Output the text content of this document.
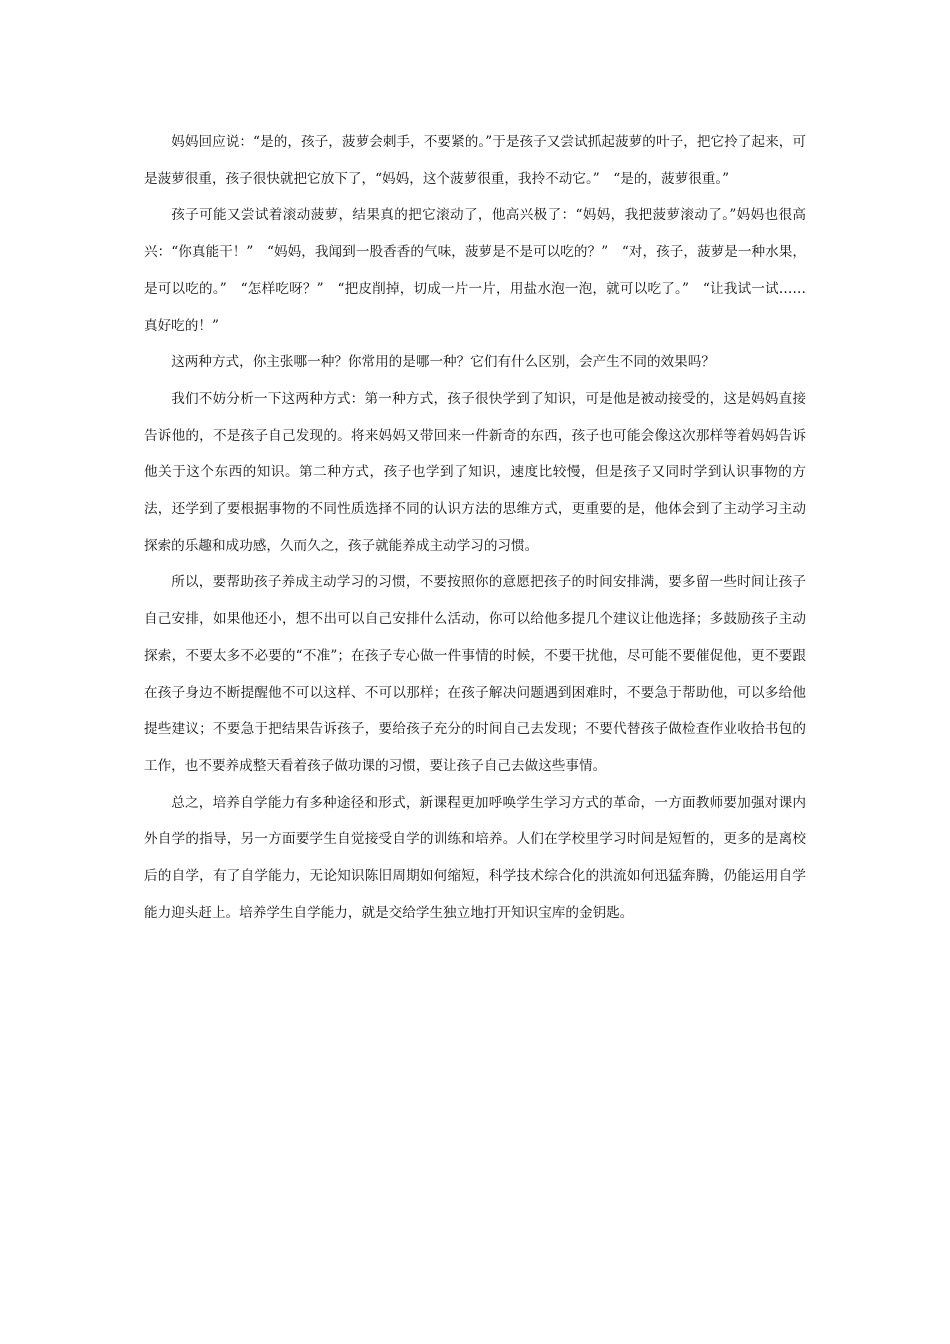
妈妈回应说：“是的，孩子，菠萝会刺手，不要紧的。”于是孩子又尝试抓起菠萝的叶子，把它拎了起来，可是菠萝很重，孩子很快就把它放下了，“妈妈，这个菠萝很重，我拎不动它。”　“是的，菠萝很重。”

孩子可能又尝试着滚动菠萝，结果真的把它滚动了，他高兴极了：“妈妈，我把菠萝滚动了。”妈妈也很高兴：“你真能干！”　“妈妈，我闻到一股香香的气味，菠萝是不是可以吃的？”　“对，孩子，菠萝是一种水果，是可以吃的。”　“怎样吃呀？”　“把皮削掉，切成一片一片，用盐水泡一泡，就可以吃了。”　“让我试一试……真好吃的！”

这两种方式，你主张哪一种？你常用的是哪一种？它们有什么区别，会产生不同的效果吗？

我们不妨分析一下这两种方式：第一种方式，孩子很快学到了知识，可是他是被动接受的，这是妈妈直接告诉他的，不是孩子自己发现的。将来妈妈又带回来一件新奇的东西，孩子也可能会像这次那样等着妈妈告诉他关于这个东西的知识。第二种方式，孩子也学到了知识，速度比较慢，但是孩子又同时学到认识事物的方法，还学到了要根据事物的不同性质选择不同的认识方法的思维方式，更重要的是，他体会到了主动学习主动探索的乐趣和成功感，久而久之，孩子就能养成主动学习的习惯。

所以，要帮助孩子养成主动学习的习惯，不要按照你的意愿把孩子的时间安排满，要多留一些时间让孩子自己安排，如果他还小，想不出可以自己安排什么活动，你可以给他多提几个建议让他选择；多鼓励孩子主动探索，不要太多不必要的“不准”；在孩子专心做一件事情的时候，不要干扰他，尽可能不要催促他，更不要跟在孩子身边不断提醒他不可以这样、不可以那样；在孩子解决问题遇到困难时，不要急于帮助他，可以多给他提些建议；不要急于把结果告诉孩子，要给孩子充分的时间自己去发现；不要代替孩子做检查作业收拾书包的工作，也不要养成整天看着孩子做功课的习惯，要让孩子自己去做这些事情。

总之，培养自学能力有多种途径和形式，新课程更加呼唤学生学习方式的革命，一方面教师要加强对课内外自学的指导，另一方面要学生自觉接受自学的训练和培养。人们在学校里学习时间是短暂的，更多的是离校后的自学，有了自学能力，无论知识陈旧周期如何缩短，科学技术综合化的洪流如何迅猛奔腾，仍能运用自学能力迎头赶上。培养学生自学能力，就是交给学生独立地打开知识宝库的金钥匙。
